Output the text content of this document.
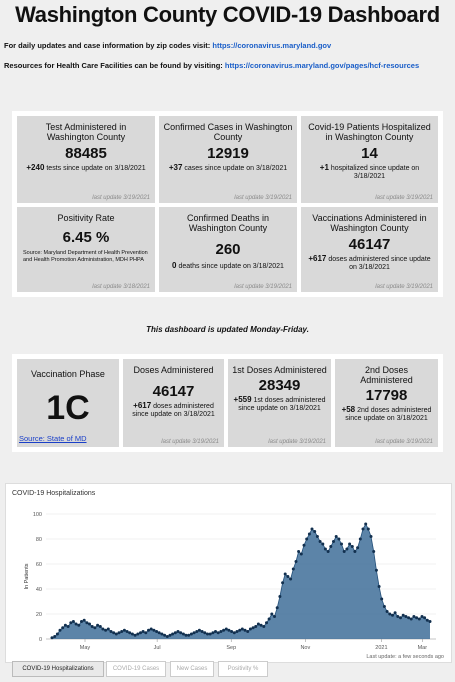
Washington County COVID-19 Dashboard
For daily updates and case information by zip codes visit: https://coronavirus.maryland.gov
Resources for Health Care Facilities can be found by visiting: https://coronavirus.maryland.gov/pages/hcf-resources
Test Administered in Washington County
88485
+240 tests since update on 3/18/2021
last update 3/19/2021
Confirmed Cases in Washington County
12919
+37 cases since update on 3/18/2021
last update 3/19/2021
Covid-19 Patients Hospitalized in Washington County
14
+1 hospitalized since update on 3/18/2021
last update 3/19/2021
Positivity Rate
6.45 %
Source: Maryland Department of Health Prevention and Health Promotion Administration, MDH PHPA
last update 3/18/2021
Confirmed Deaths in Washington County
260
0 deaths since update on 3/18/2021
last update 3/19/2021
Vaccinations Administered in Washington County
46147
+617 doses administered since update on 3/18/2021
last update 3/19/2021
This dashboard is updated Monday-Friday.
Vaccination Phase
1C
Source: State of MD
Doses Administered
46147
+617 doses administered since update on 3/18/2021
last update 3/19/2021
1st Doses Administered
28349
+559 1st doses administered since update on 3/18/2021
last update 3/19/2021
2nd Doses Administered
17798
+58 2nd doses administered since update on 3/18/2021
last update 3/19/2021
COVID-19 Hospitalizations
0
20
40
60
80
100
In Patients
May	Jul	Sep	Nov	2021	Mar
Last update: a few seconds ago
COVID-19 Hospitalizations	COVID-19 Cases	New Cases	Positivity %
